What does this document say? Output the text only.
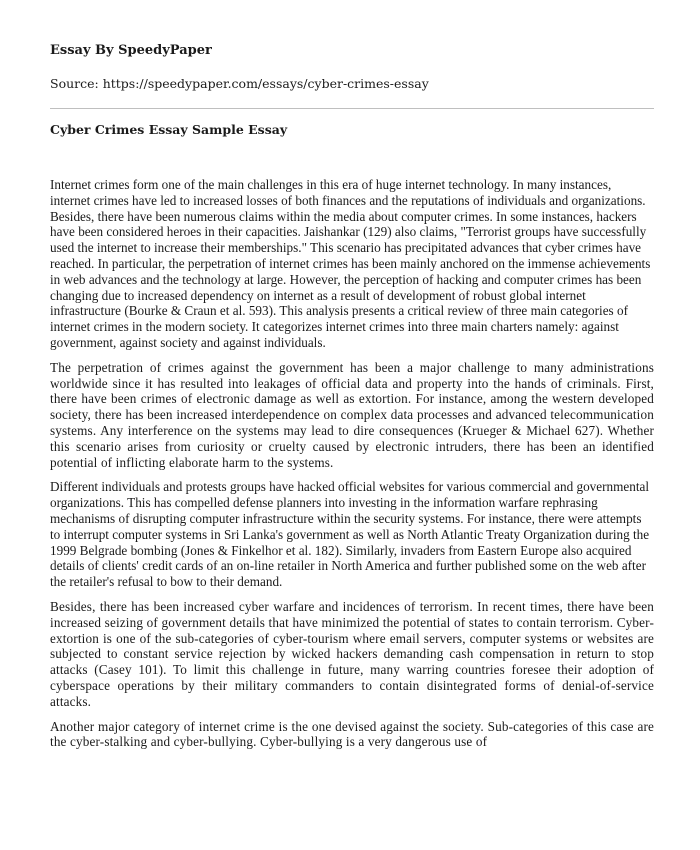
Essay By SpeedyPaper
Source: https://speedypaper.com/essays/cyber-crimes-essay
Cyber Crimes Essay Sample Essay

Internet crimes form one of the main challenges in this era of huge internet technology. In many instances, internet crimes have led to increased losses of both finances and the reputations of individuals and organizations. Besides, there have been numerous claims within the media about computer crimes. In some instances, hackers have been considered heroes in their capacities. Jaishankar (129) also claims, "Terrorist groups have successfully used the internet to increase their memberships." This scenario has precipitated advances that cyber crimes have reached. In particular, the perpetration of internet crimes has been mainly anchored on the immense achievements in web advances and the technology at large. However, the perception of hacking and computer crimes has been changing due to increased dependency on internet as a result of development of robust global internet infrastructure (Bourke & Craun et al. 593). This analysis presents a critical review of three main categories of internet crimes in the modern society. It categorizes internet crimes into three main charters namely: against government, against society and against individuals.

The perpetration of crimes against the government has been a major challenge to many administrations worldwide since it has resulted into leakages of official data and property into the hands of criminals. First, there have been crimes of electronic damage as well as extortion. For instance, among the western developed society, there has been increased interdependence on complex data processes and advanced telecommunication systems. Any interference on the systems may lead to dire consequences (Krueger & Michael 627). Whether this scenario arises from curiosity or cruelty caused by electronic intruders, there has been an identified potential of inflicting elaborate harm to the systems.

Different individuals and protests groups have hacked official websites for various commercial and governmental organizations. This has compelled defense planners into investing in the information warfare rephrasing mechanisms of disrupting computer infrastructure within the security systems. For instance, there were attempts to interrupt computer systems in Sri Lanka's government as well as North Atlantic Treaty Organization during the 1999 Belgrade bombing (Jones & Finkelhor et al. 182). Similarly, invaders from Eastern Europe also acquired details of clients' credit cards of an on-line retailer in North America and further published some on the web after the retailer's refusal to bow to their demand.

Besides, there has been increased cyber warfare and incidences of terrorism. In recent times, there have been increased seizing of government details that have minimized the potential of states to contain terrorism. Cyber-extortion is one of the sub-categories of cyber-tourism where email servers, computer systems or websites are subjected to constant service rejection by wicked hackers demanding cash compensation in return to stop attacks (Casey 101). To limit this challenge in future, many warring countries foresee their adoption of cyberspace operations by their military commanders to contain disintegrated forms of denial-of-service attacks.

Another major category of internet crime is the one devised against the society. Sub-categories of this case are the cyber-stalking and cyber-bullying. Cyber-bullying is a very dangerous use of
